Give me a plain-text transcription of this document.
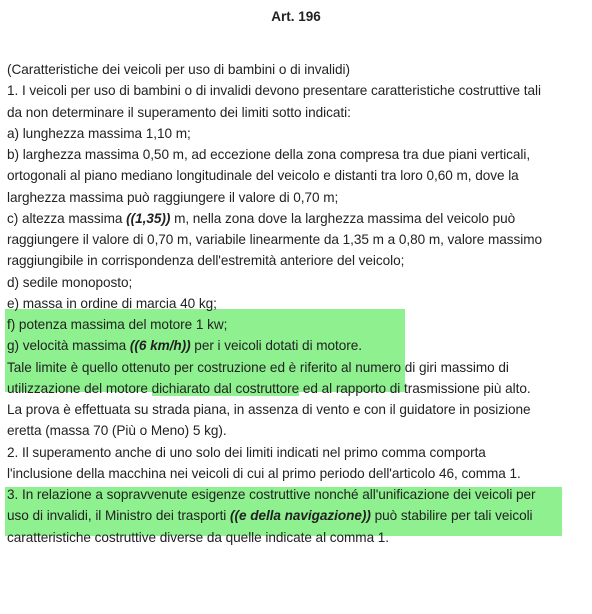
Art. 196
(Caratteristiche dei veicoli per uso di bambini o di invalidi)
1. I veicoli per uso di bambini o di invalidi devono presentare caratteristiche costruttive tali
da non determinare il superamento dei limiti sotto indicati:
a) lunghezza massima 1,10 m;
b) larghezza massima 0,50 m, ad eccezione della zona compresa tra due piani verticali,
ortogonali al piano mediano longitudinale del veicolo e distanti tra loro 0,60 m, dove la
larghezza massima può raggiungere il valore di 0,70 m;
c) altezza massima ((1,35)) m, nella zona dove la larghezza massima del veicolo può
raggiungere il valore di 0,70 m, variabile linearmente da 1,35 m a 0,80 m, valore massimo
raggiungibile in corrispondenza dell'estremità anteriore del veicolo;
d) sedile monoposto;
e) massa in ordine di marcia 40 kg;
f) potenza massima del motore 1 kw;
g) velocità massima ((6 km/h)) per i veicoli dotati di motore.
Tale limite è quello ottenuto per costruzione ed è riferito al numero di giri massimo di
utilizzazione del motore dichiarato dal costruttore ed al rapporto di trasmissione più alto.
La prova è effettuata su strada piana, in assenza di vento e con il guidatore in posizione
eretta (massa 70 (Più o Meno) 5 kg).
2. Il superamento anche di uno solo dei limiti indicati nel primo comma comporta
l'inclusione della macchina nei veicoli di cui al primo periodo dell'articolo 46, comma 1.
3. In relazione a sopravvenute esigenze costruttive nonché all'unificazione dei veicoli per
uso di invalidi, il Ministro dei trasporti ((e della navigazione)) può stabilire per tali veicoli
caratteristiche costruttive diverse da quelle indicate al comma 1.
